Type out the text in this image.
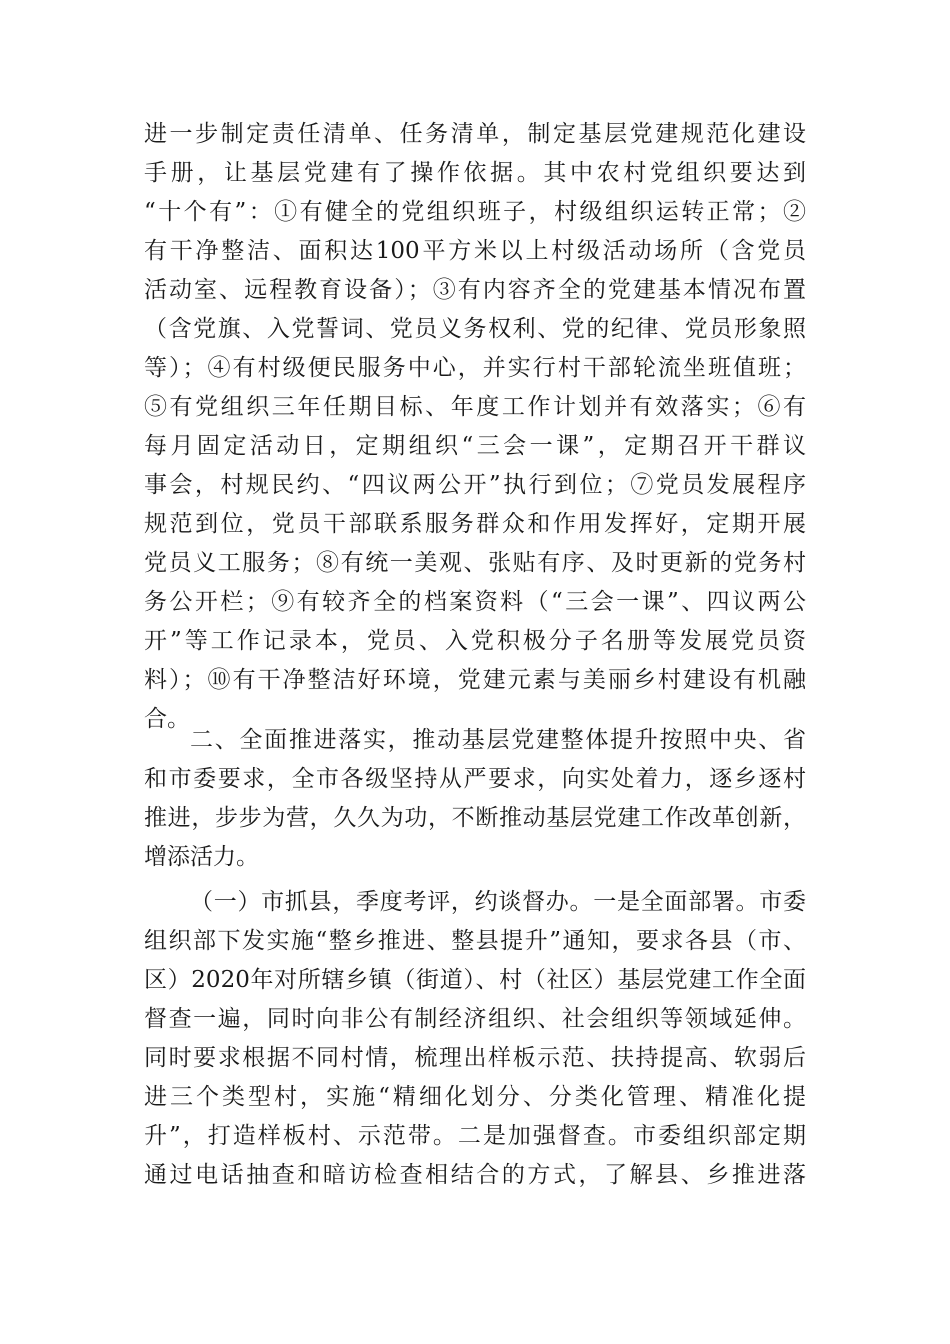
进一步制定责任清单、任务清单，制定基层党建规范化建设
手册，让基层党建有了操作依据。其中农村党组织要达到
“十个有”：①有健全的党组织班子，村级组织运转正常；②
有干净整洁、面积达100平方米以上村级活动场所（含党员
活动室、远程教育设备）；③有内容齐全的党建基本情况布置
（含党旗、入党誓词、党员义务权利、党的纪律、党员形象照
等）；④有村级便民服务中心，并实行村干部轮流坐班值班；
⑤有党组织三年任期目标、年度工作计划并有效落实；⑥有
每月固定活动日，定期组织“三会一课”，定期召开干群议
事会，村规民约、“四议两公开”执行到位；⑦党员发展程序
规范到位，党员干部联系服务群众和作用发挥好，定期开展
党员义工服务；⑧有统一美观、张贴有序、及时更新的党务村
务公开栏；⑨有较齐全的档案资料（“三会一课”、四议两公
开”等工作记录本，党员、入党积极分子名册等发展党员资
料）；⑩有干净整洁好环境，党建元素与美丽乡村建设有机融
合。
二、全面推进落实，推动基层党建整体提升按照中央、省
和市委要求，全市各级坚持从严要求，向实处着力，逐乡逐村
推进，步步为营，久久为功，不断推动基层党建工作改革创新，
增添活力。
（一）市抓县，季度考评，约谈督办。一是全面部署。市委
组织部下发实施“整乡推进、整县提升”通知，要求各县（市、
区）2020年对所辖乡镇（街道）、村（社区）基层党建工作全面
督查一遍，同时向非公有制经济组织、社会组织等领域延伸。
同时要求根据不同村情，梳理出样板示范、扶持提高、软弱后
进三个类型村，实施“精细化划分、分类化管理、精准化提
升”，打造样板村、示范带。二是加强督查。市委组织部定期
通过电话抽查和暗访检查相结合的方式，了解县、乡推进落
